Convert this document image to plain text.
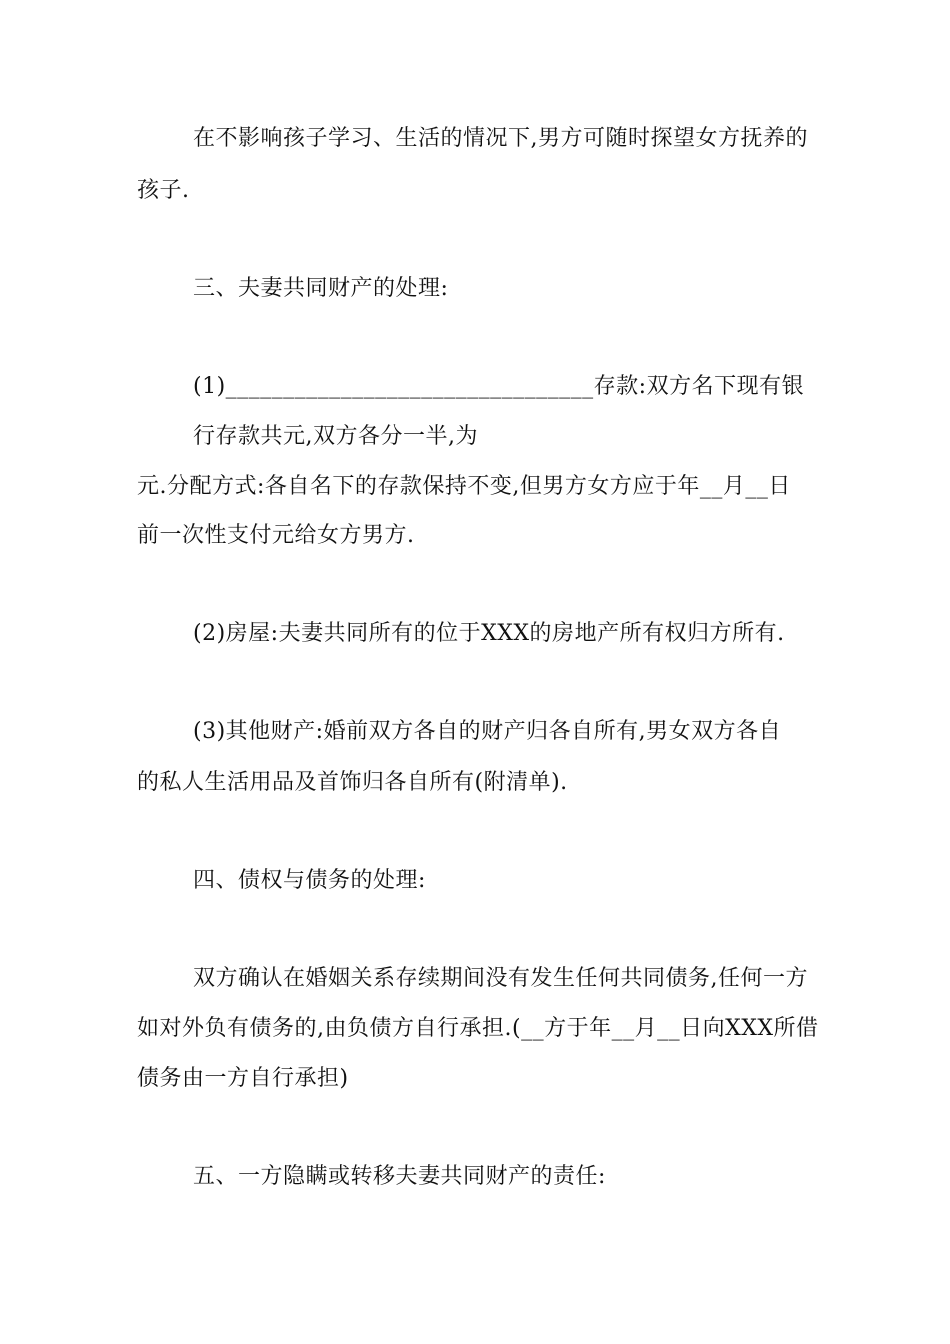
在不影响孩子学习、生活的情况下,男方可随时探望女方抚养的
孩子.
三、夫妻共同财产的处理:
(1)________________________________存款:双方名下现有银
行存款共元,双方各分一半,为
元.分配方式:各自名下的存款保持不变,但男方女方应于年__月__日
前一次性支付元给女方男方.
(2)房屋:夫妻共同所有的位于XXX的房地产所有权归方所有.
(3)其他财产:婚前双方各自的财产归各自所有,男女双方各自
的私人生活用品及首饰归各自所有(附清单).
四、债权与债务的处理:
双方确认在婚姻关系存续期间没有发生任何共同债务,任何一方
如对外负有债务的,由负债方自行承担.(__方于年__月__日向XXX所借
债务由一方自行承担)
五、一方隐瞒或转移夫妻共同财产的责任:
